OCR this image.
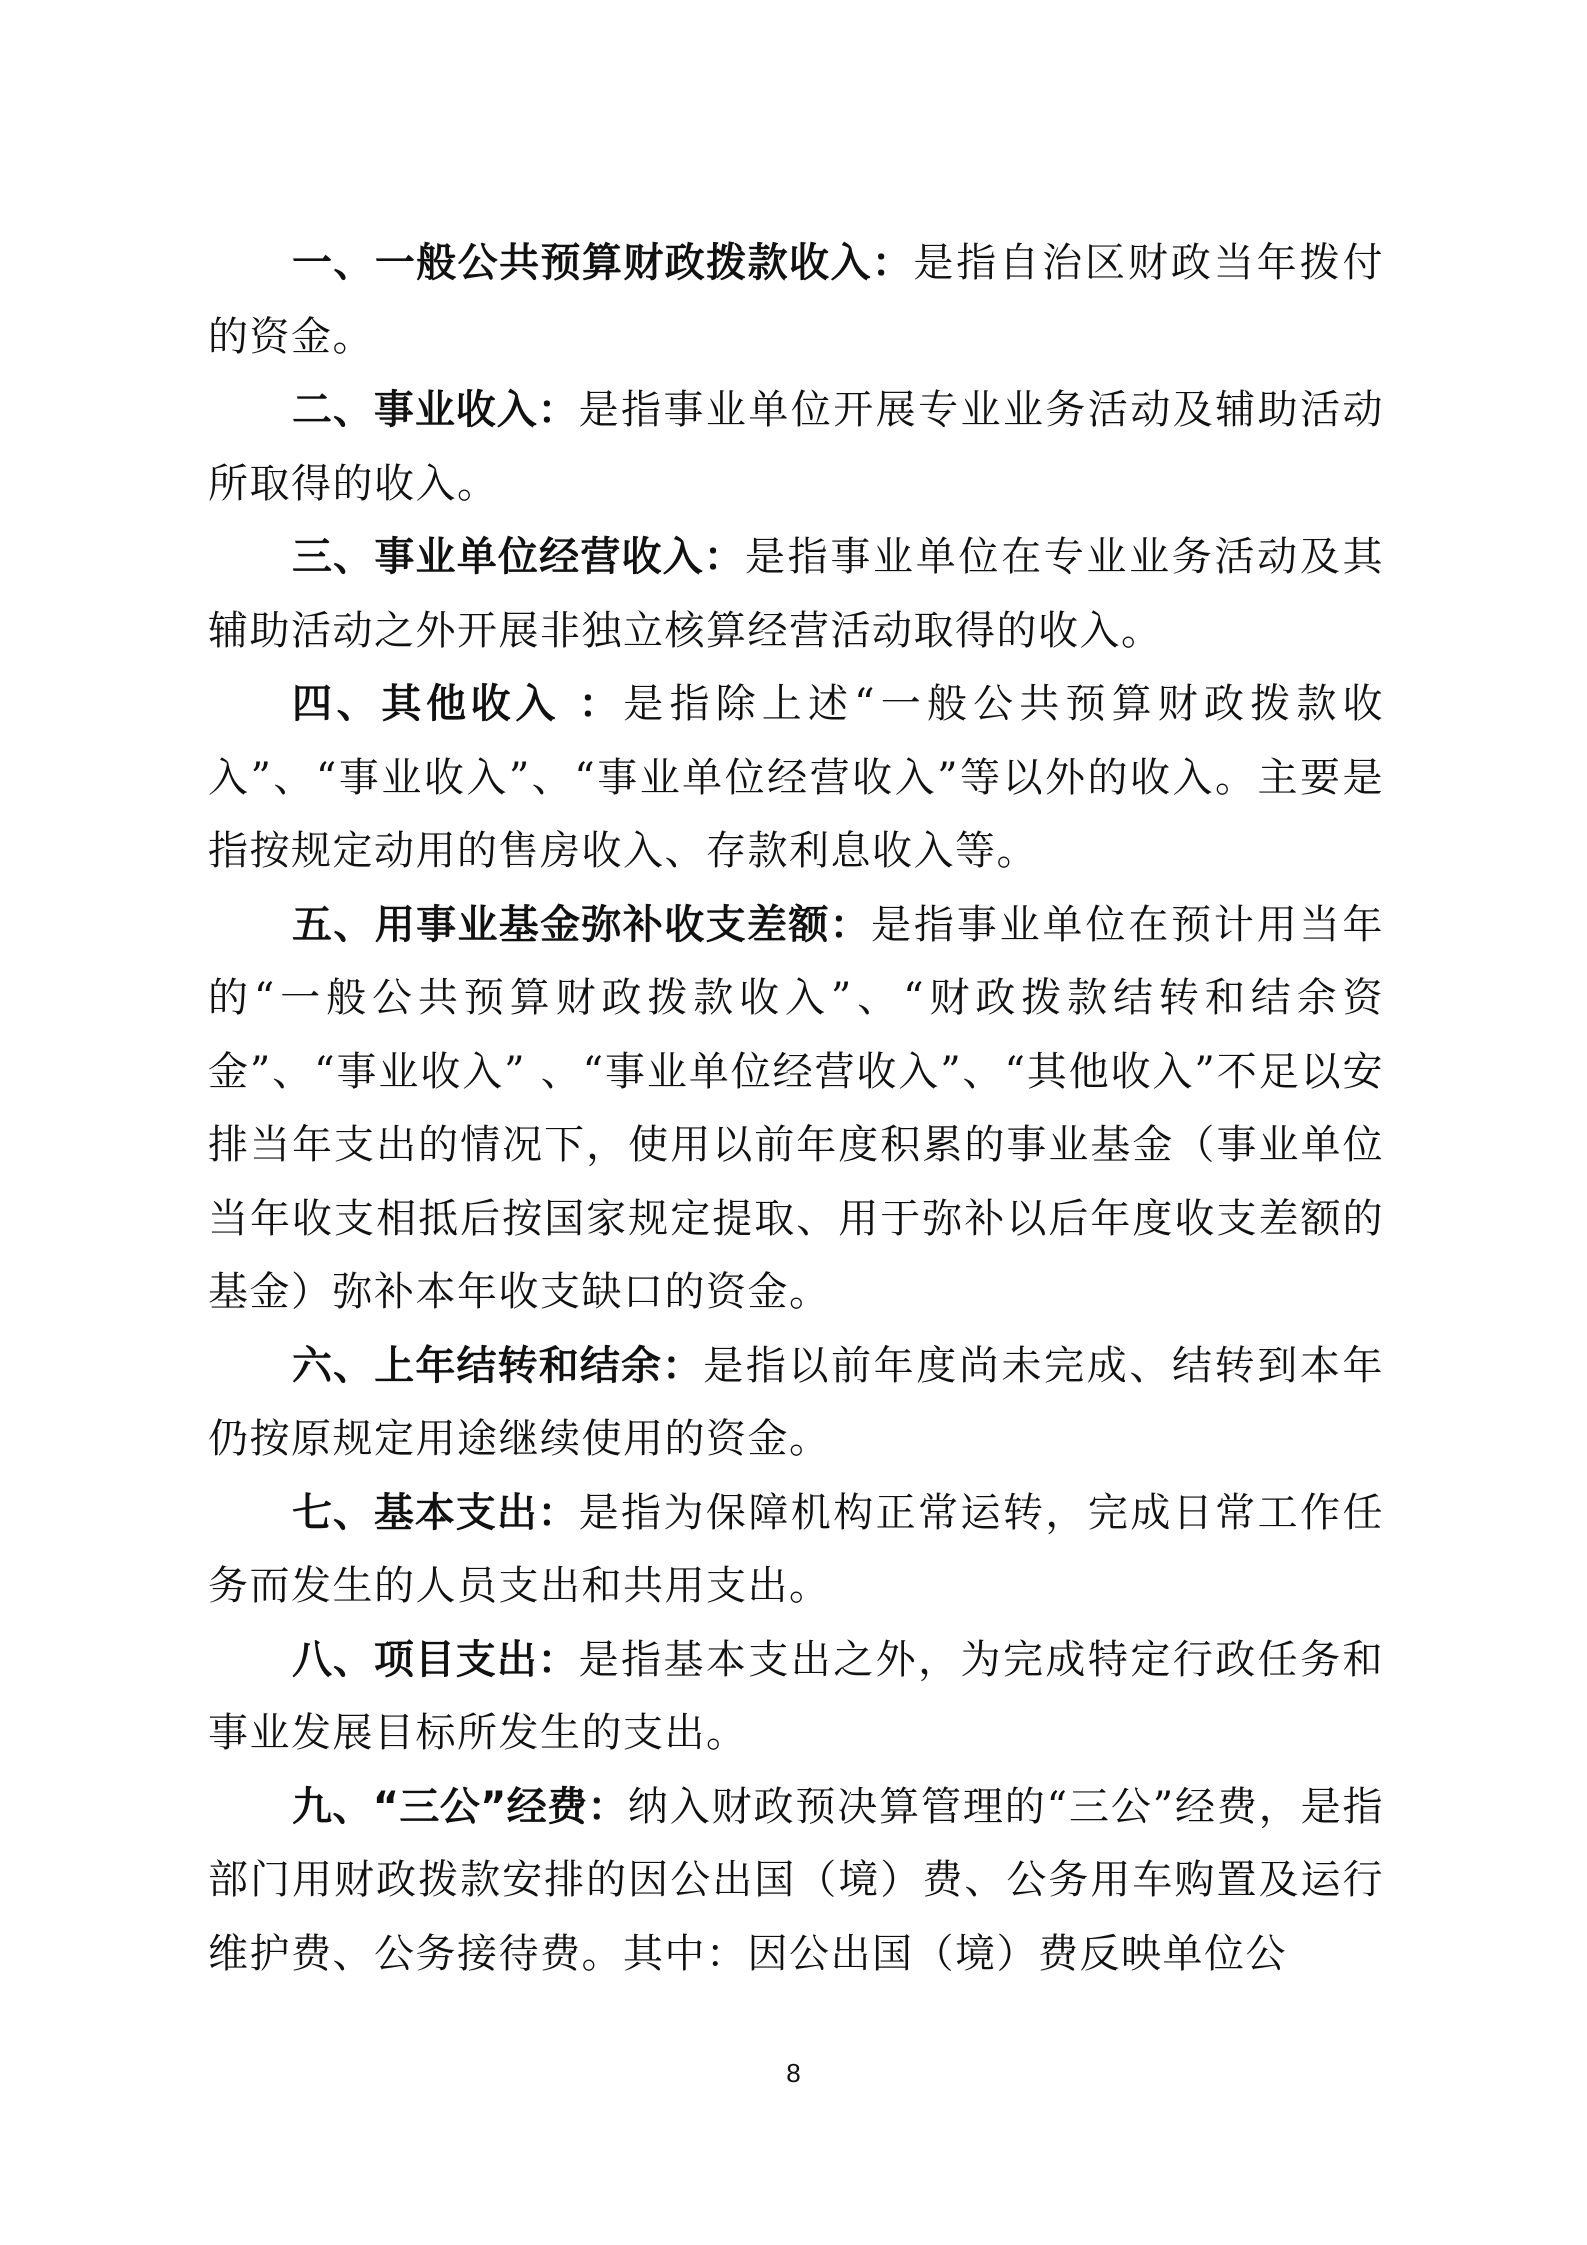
一、一般公共预算财政拨款收入：是指自治区财政当年拨付的资金。

二、事业收入：是指事业单位开展专业业务活动及辅助活动所取得的收入。

三、事业单位经营收入：是指事业单位在专业业务活动及其辅助活动之外开展非独立核算经营活动取得的收入。

四、其他收入 ：是指除上述“一般公共预算财政拨款收入”、“事业收入”、“事业单位经营收入”等以外的收入。主要是指按规定动用的售房收入、存款利息收入等。

五、用事业基金弥补收支差额：是指事业单位在预计用当年的“一般公共预算财政拨款收入”、“财政拨款结转和结余资金”、“事业收入” 、“事业单位经营收入”、“其他收入”不足以安排当年支出的情况下，使用以前年度积累的事业基金（事业单位当年收支相抵后按国家规定提取、用于弥补以后年度收支差额的基金）弥补本年收支缺口的资金。

六、上年结转和结余：是指以前年度尚未完成、结转到本年仍按原规定用途继续使用的资金。

七、基本支出：是指为保障机构正常运转，完成日常工作任务而发生的人员支出和共用支出。

八、项目支出：是指基本支出之外，为完成特定行政任务和事业发展目标所发生的支出。

九、“三公”经费：纳入财政预决算管理的“三公”经费，是指部门用财政拨款安排的因公出国（境）费、公务用车购置及运行维护费、公务接待费。其中：因公出国（境）费反映单位公

8
